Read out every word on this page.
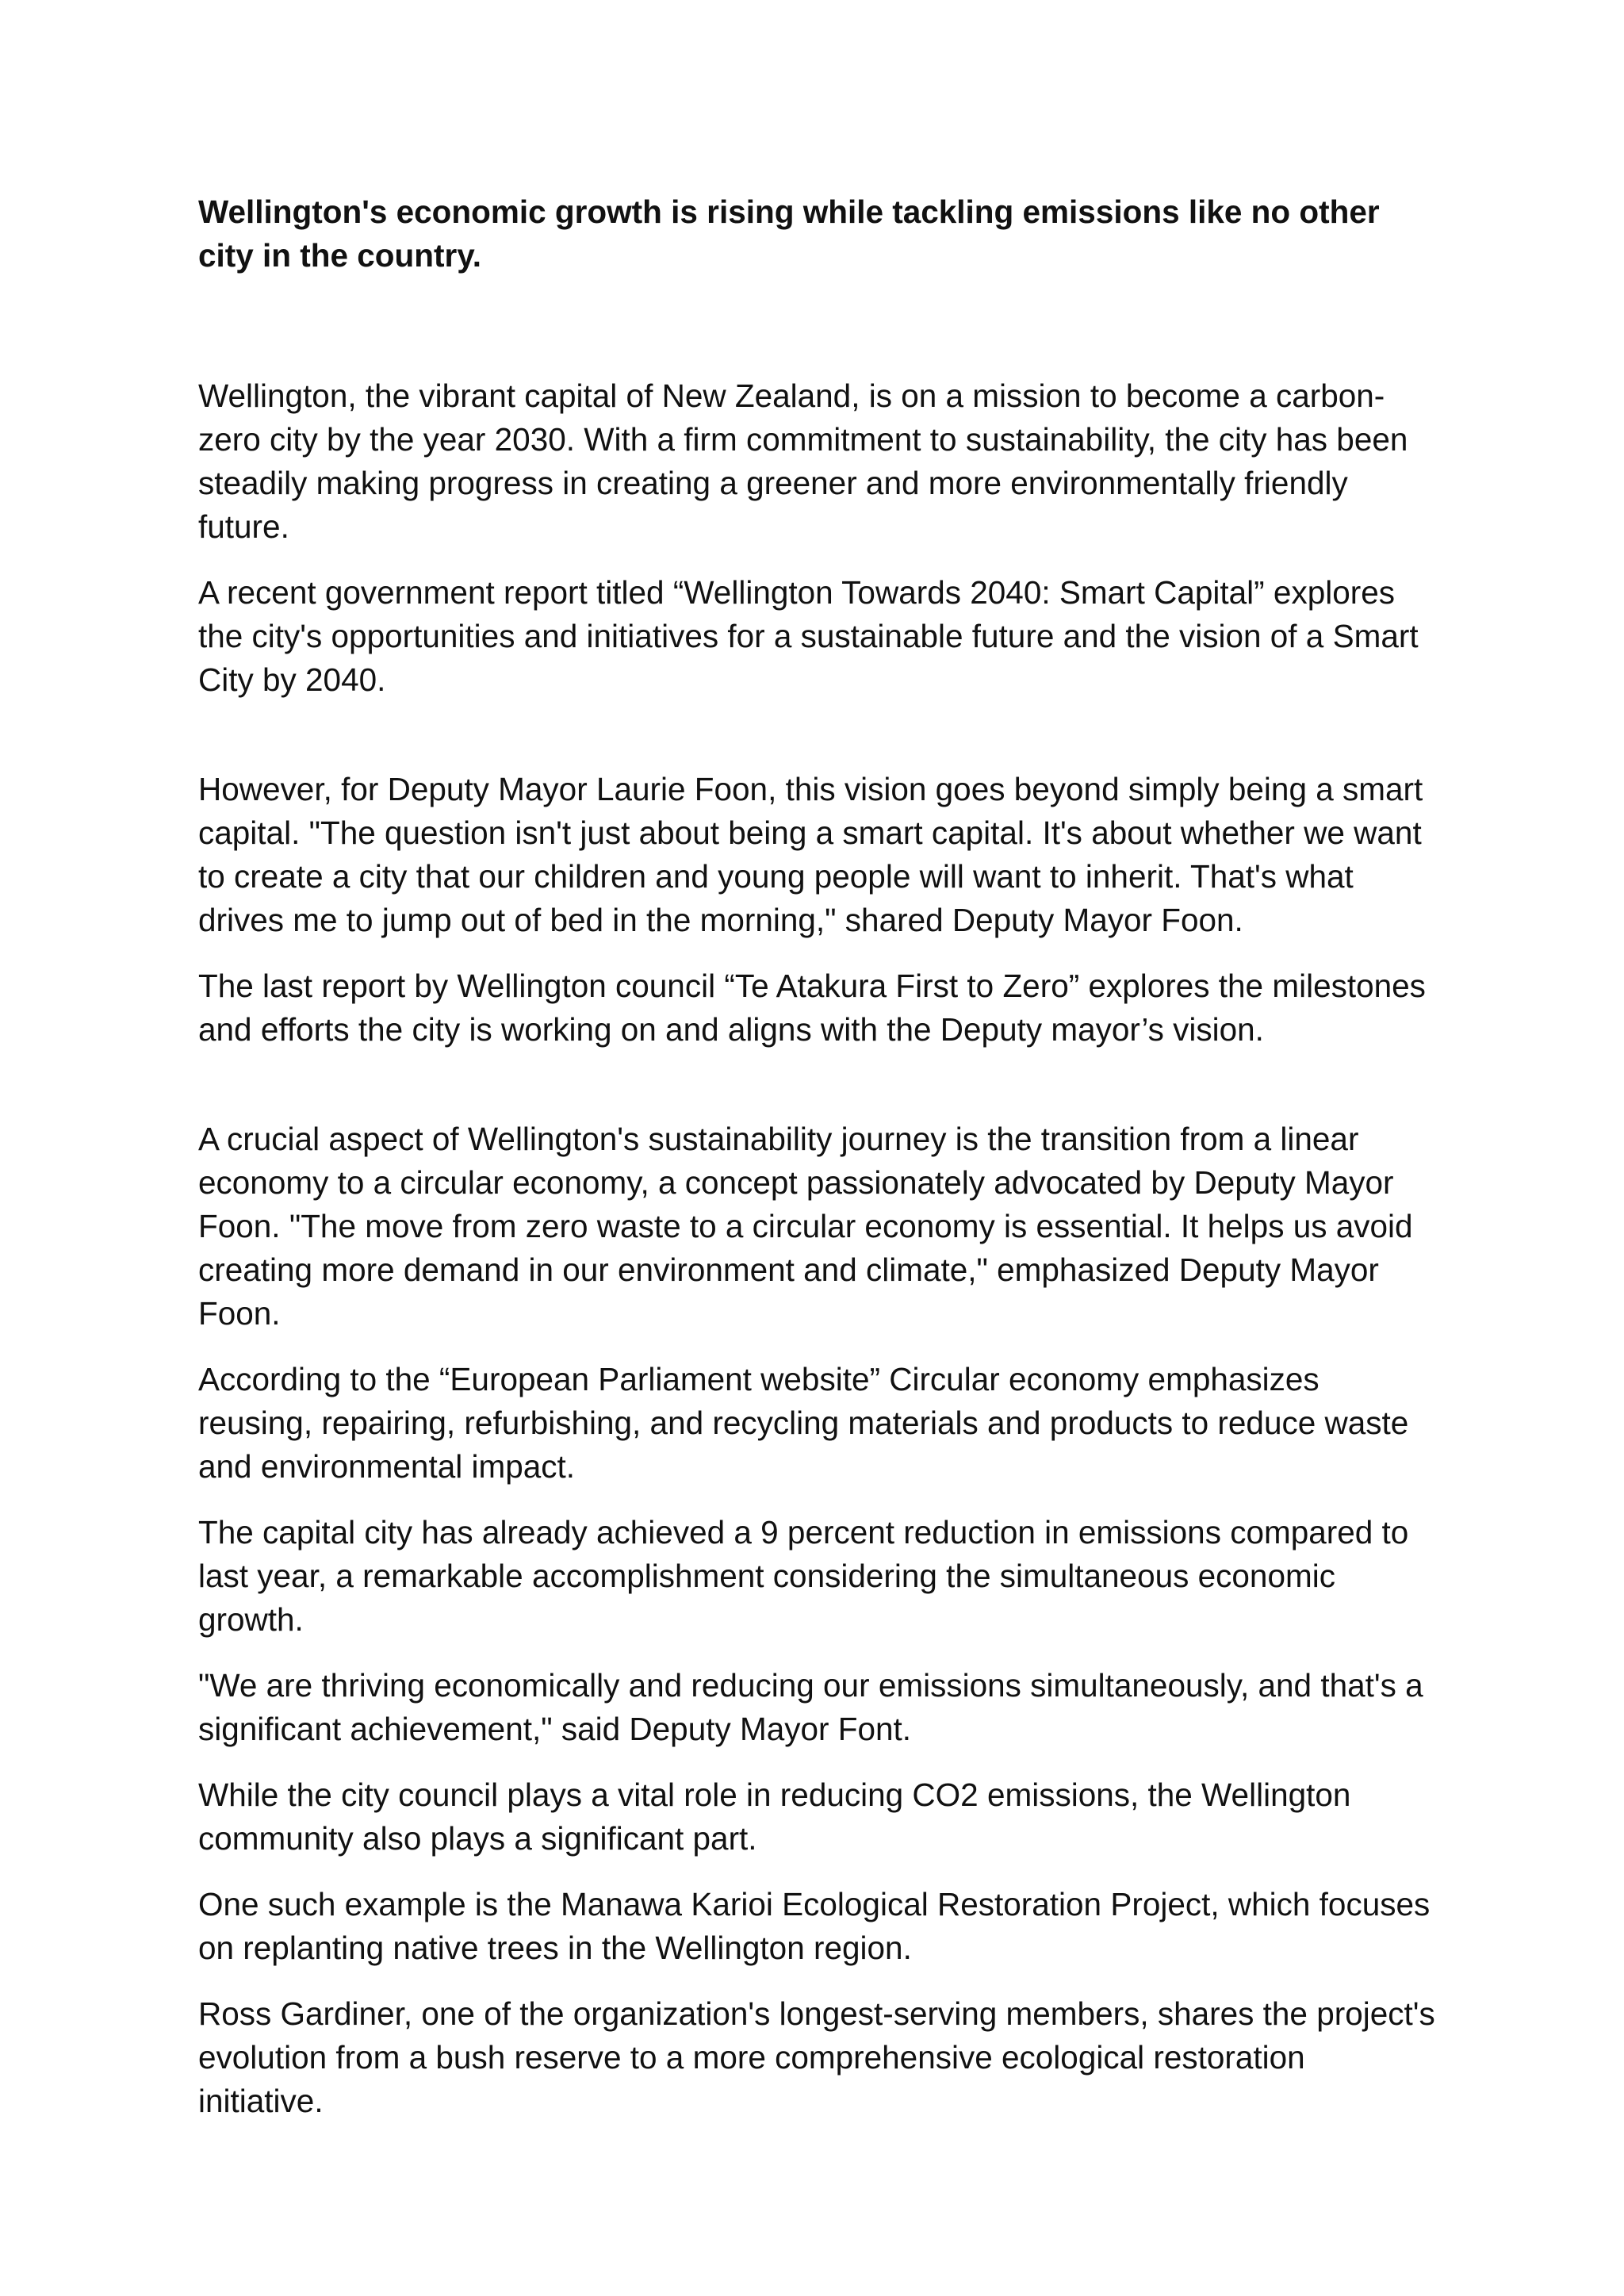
Wellington's economic growth is rising while tackling emissions like no other city in the country.

Wellington, the vibrant capital of New Zealand, is on a mission to become a carbon-zero city by the year 2030. With a firm commitment to sustainability, the city has been steadily making progress in creating a greener and more environmentally friendly future.

A recent government report titled “Wellington Towards 2040: Smart Capital” explores the city's opportunities and initiatives for a sustainable future and the vision of a Smart City by 2040.

However, for Deputy Mayor Laurie Foon, this vision goes beyond simply being a smart capital. "The question isn't just about being a smart capital. It's about whether we want to create a city that our children and young people will want to inherit. That's what drives me to jump out of bed in the morning," shared Deputy Mayor Foon.

The last report by Wellington council “Te Atakura First to Zero” explores the milestones and efforts the city is working on and aligns with the Deputy mayor’s vision.

A crucial aspect of Wellington's sustainability journey is the transition from a linear economy to a circular economy, a concept passionately advocated by Deputy Mayor Foon. "The move from zero waste to a circular economy is essential. It helps us avoid creating more demand in our environment and climate," emphasized Deputy Mayor Foon.

According to the “European Parliament website” Circular economy emphasizes reusing, repairing, refurbishing, and recycling materials and products to reduce waste and environmental impact.

The capital city has already achieved a 9 percent reduction in emissions compared to last year, a remarkable accomplishment considering the simultaneous economic growth.

"We are thriving economically and reducing our emissions simultaneously, and that's a significant achievement," said Deputy Mayor Font.

While the city council plays a vital role in reducing CO2 emissions, the Wellington community also plays a significant part.

One such example is the Manawa Karioi Ecological Restoration Project, which focuses on replanting native trees in the Wellington region.

Ross Gardiner, one of the organization's longest-serving members, shares the project's evolution from a bush reserve to a more comprehensive ecological restoration initiative.
